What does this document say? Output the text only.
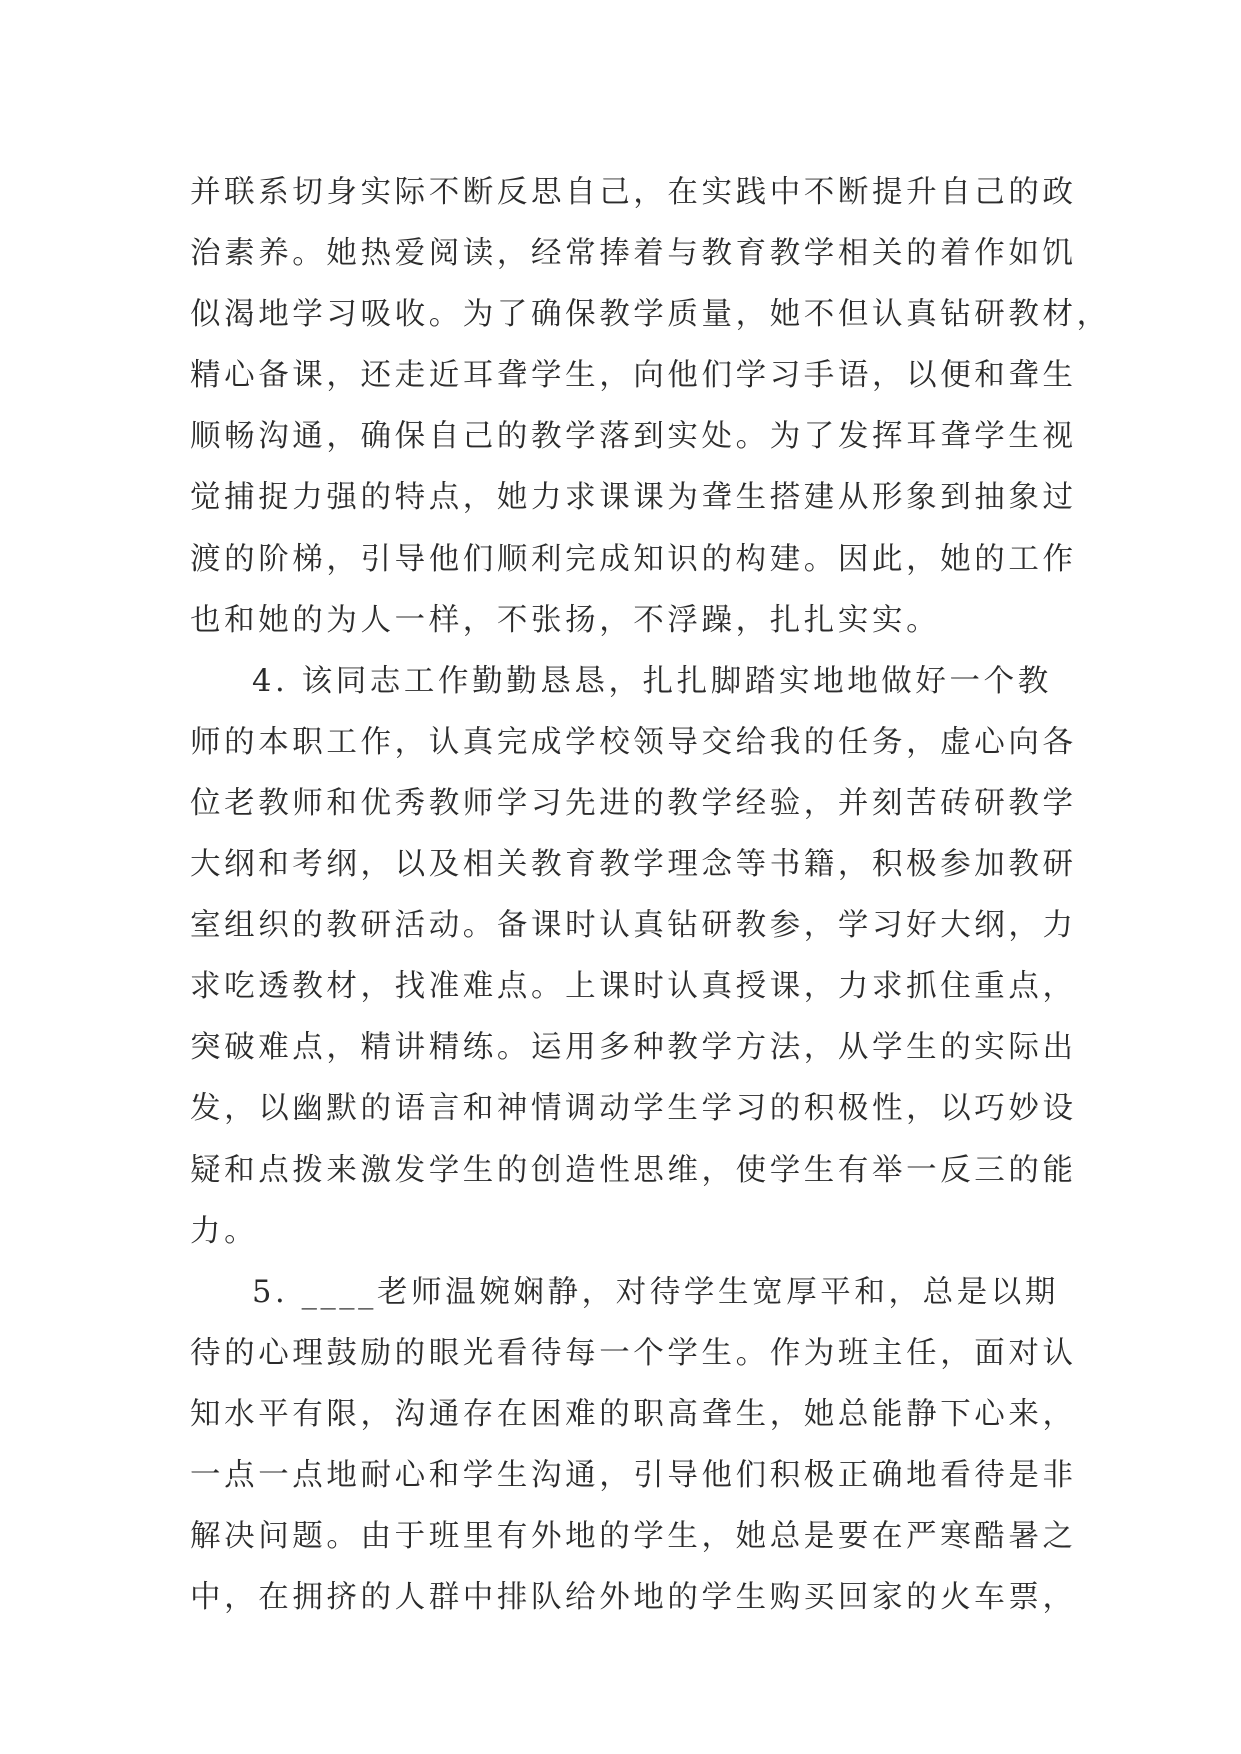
并联系切身实际不断反思自己，在实践中不断提升自己的政
治素养。她热爱阅读，经常捧着与教育教学相关的着作如饥
似渴地学习吸收。为了确保教学质量，她不但认真钻研教材，
精心备课，还走近耳聋学生，向他们学习手语，以便和聋生
顺畅沟通，确保自己的教学落到实处。为了发挥耳聋学生视
觉捕捉力强的特点，她力求课课为聋生搭建从形象到抽象过
渡的阶梯，引导他们顺利完成知识的构建。因此，她的工作
也和她的为人一样，不张扬，不浮躁，扎扎实实。
4. 该同志工作勤勤恳恳，扎扎脚踏实地地做好一个教
师的本职工作，认真完成学校领导交给我的任务，虚心向各
位老教师和优秀教师学习先进的教学经验，并刻苦砖研教学
大纲和考纲，以及相关教育教学理念等书籍，积极参加教研
室组织的教研活动。备课时认真钻研教参，学习好大纲，力
求吃透教材，找准难点。上课时认真授课，力求抓住重点，
突破难点，精讲精练。运用多种教学方法，从学生的实际出
发，以幽默的语言和神情调动学生学习的积极性，以巧妙设
疑和点拨来激发学生的创造性思维，使学生有举一反三的能
力。
5. ____老师温婉娴静，对待学生宽厚平和，总是以期
待的心理鼓励的眼光看待每一个学生。作为班主任，面对认
知水平有限，沟通存在困难的职高聋生，她总能静下心来，
一点一点地耐心和学生沟通，引导他们积极正确地看待是非
解决问题。由于班里有外地的学生，她总是要在严寒酷暑之
中，在拥挤的人群中排队给外地的学生购买回家的火车票，
